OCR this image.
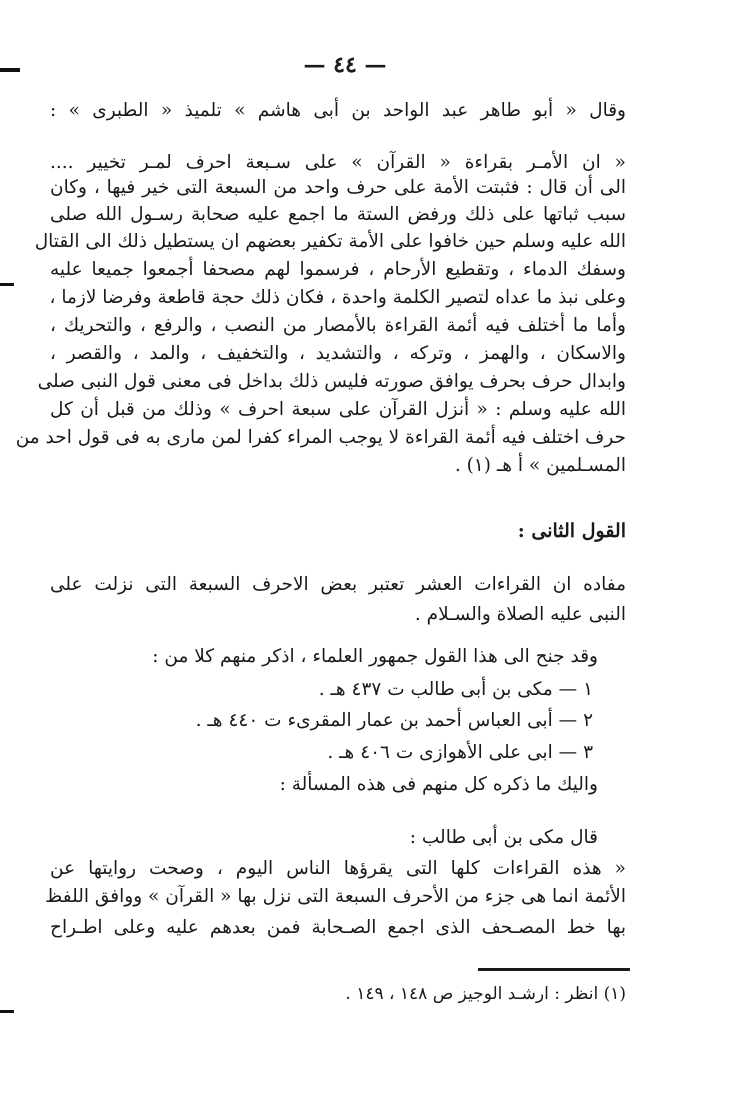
— ٤٤ —
وقال « أبو طاهر عبد الواحد بن أبى هاشم » تلميذ « الطبرى » :
« ان الأمـر بقراءة « القرآن » على سـبعة احرف لمـر تخيير ....
الى أن قال : فثبتت الأمة على حرف واحد من السبعة التى خير فيها ، وكان
سبب ثباتها على ذلك ورفض الستة ما اجمع عليه صحابة رسـول الله صلى
الله عليه وسلم حين خافوا على الأمة تكفير بعضهم ان يستطيل ذلك الى القتال
وسفك الدماء ، وتقطيع الأرحام ، فرسموا لهم مصحفا أجمعوا جميعا عليه
وعلى نبذ ما عداه لتصير الكلمة واحدة ، فكان ذلك حجة قاطعة وفرضا لازما ،
وأما ما أختلف فيه أئمة القراءة بالأمصار من النصب ، والرفع ، والتحريك ،
والاسكان ، والهمز ، وتركه ، والتشديد ، والتخفيف ، والمد ، والقصر ،
وابدال حرف بحرف يوافق صورته فليس ذلك بداخل فى معنى قول النبى صلى
الله عليه وسلم : « أنزل القرآن على سبعة احرف » وذلك من قبل أن كل
حرف اختلف فيه أئمة القراءة لا يوجب المراء كفرا لمن مارى به فى قول احد من
المسـلمين » أ هـ (١) .
القول الثانى :
مفاده ان القراءات العشر تعتبر بعض الاحرف السبعة التى نزلت على
النبى عليه الصلاة والسـلام .
وقد جنح الى هذا القول جمهور العلماء ، اذكر منهم كلا من :
١ — مكى بن أبى طالب ت ٤٣٧ هـ .
٢ — أبى العباس أحمد بن عمار المقرىء ت ٤٤٠ هـ .
٣ — ابى على الأهوازى ت ٤٠٦ هـ .
واليك ما ذكره كل منهم فى هذه المسألة :
قال مكى بن أبى طالب :
« هذه القراءات كلها التى يقرؤها الناس اليوم ، وصحت روايتها عن
الأئمة انما هى جزء من الأحرف السبعة التى نزل بها « القرآن » ووافق اللفظ
بها خط المصـحف الذى اجمع الصـحابة فمن بعدهم عليه وعلى اطـراح
(١) انظر : ارشـد الوجيز ص ١٤٨ ، ١٤٩ .
